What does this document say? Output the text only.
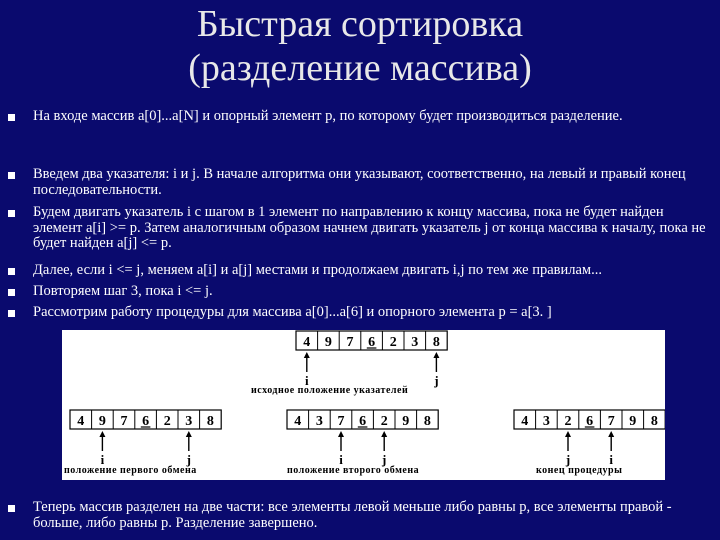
Быстрая сортировка
(разделение массива)
На входе массив a[0]...a[N] и опорный элемент p, по которому будет производиться разделение.
Введем два указателя: i и j. В начале алгоритма они указывают, соответственно, на левый и правый конец последовательности.
Будем двигать указатель i с шагом в 1 элемент по направлению к концу массива, пока не будет найден элемент a[i] >= p. Затем аналогичным образом начнем двигать указатель j от конца массива к началу, пока не будет найден a[j] <= p.
Далее, если i <= j, меняем a[i] и a[j] местами и продолжаем двигать i,j по тем же правилам...
Повторяем шаг 3, пока i <= j.
Рассмотрим работу процедуры для массива a[0]...a[6] и опорного элемента p = a[3. ]
4 9 7 6 2 3 8
i	j
исходное положение указателей
4 9 7 6 2 3 8
i	j
положение первого обмена
4 3 7 6 2 9 8
i	j
положение второго обмена
4 3 2 6 7 9 8
j	i
конец процедуры
Теперь массив разделен на две части: все элементы левой меньше либо равны p, все элементы правой - больше, либо равны p. Разделение завершено.
